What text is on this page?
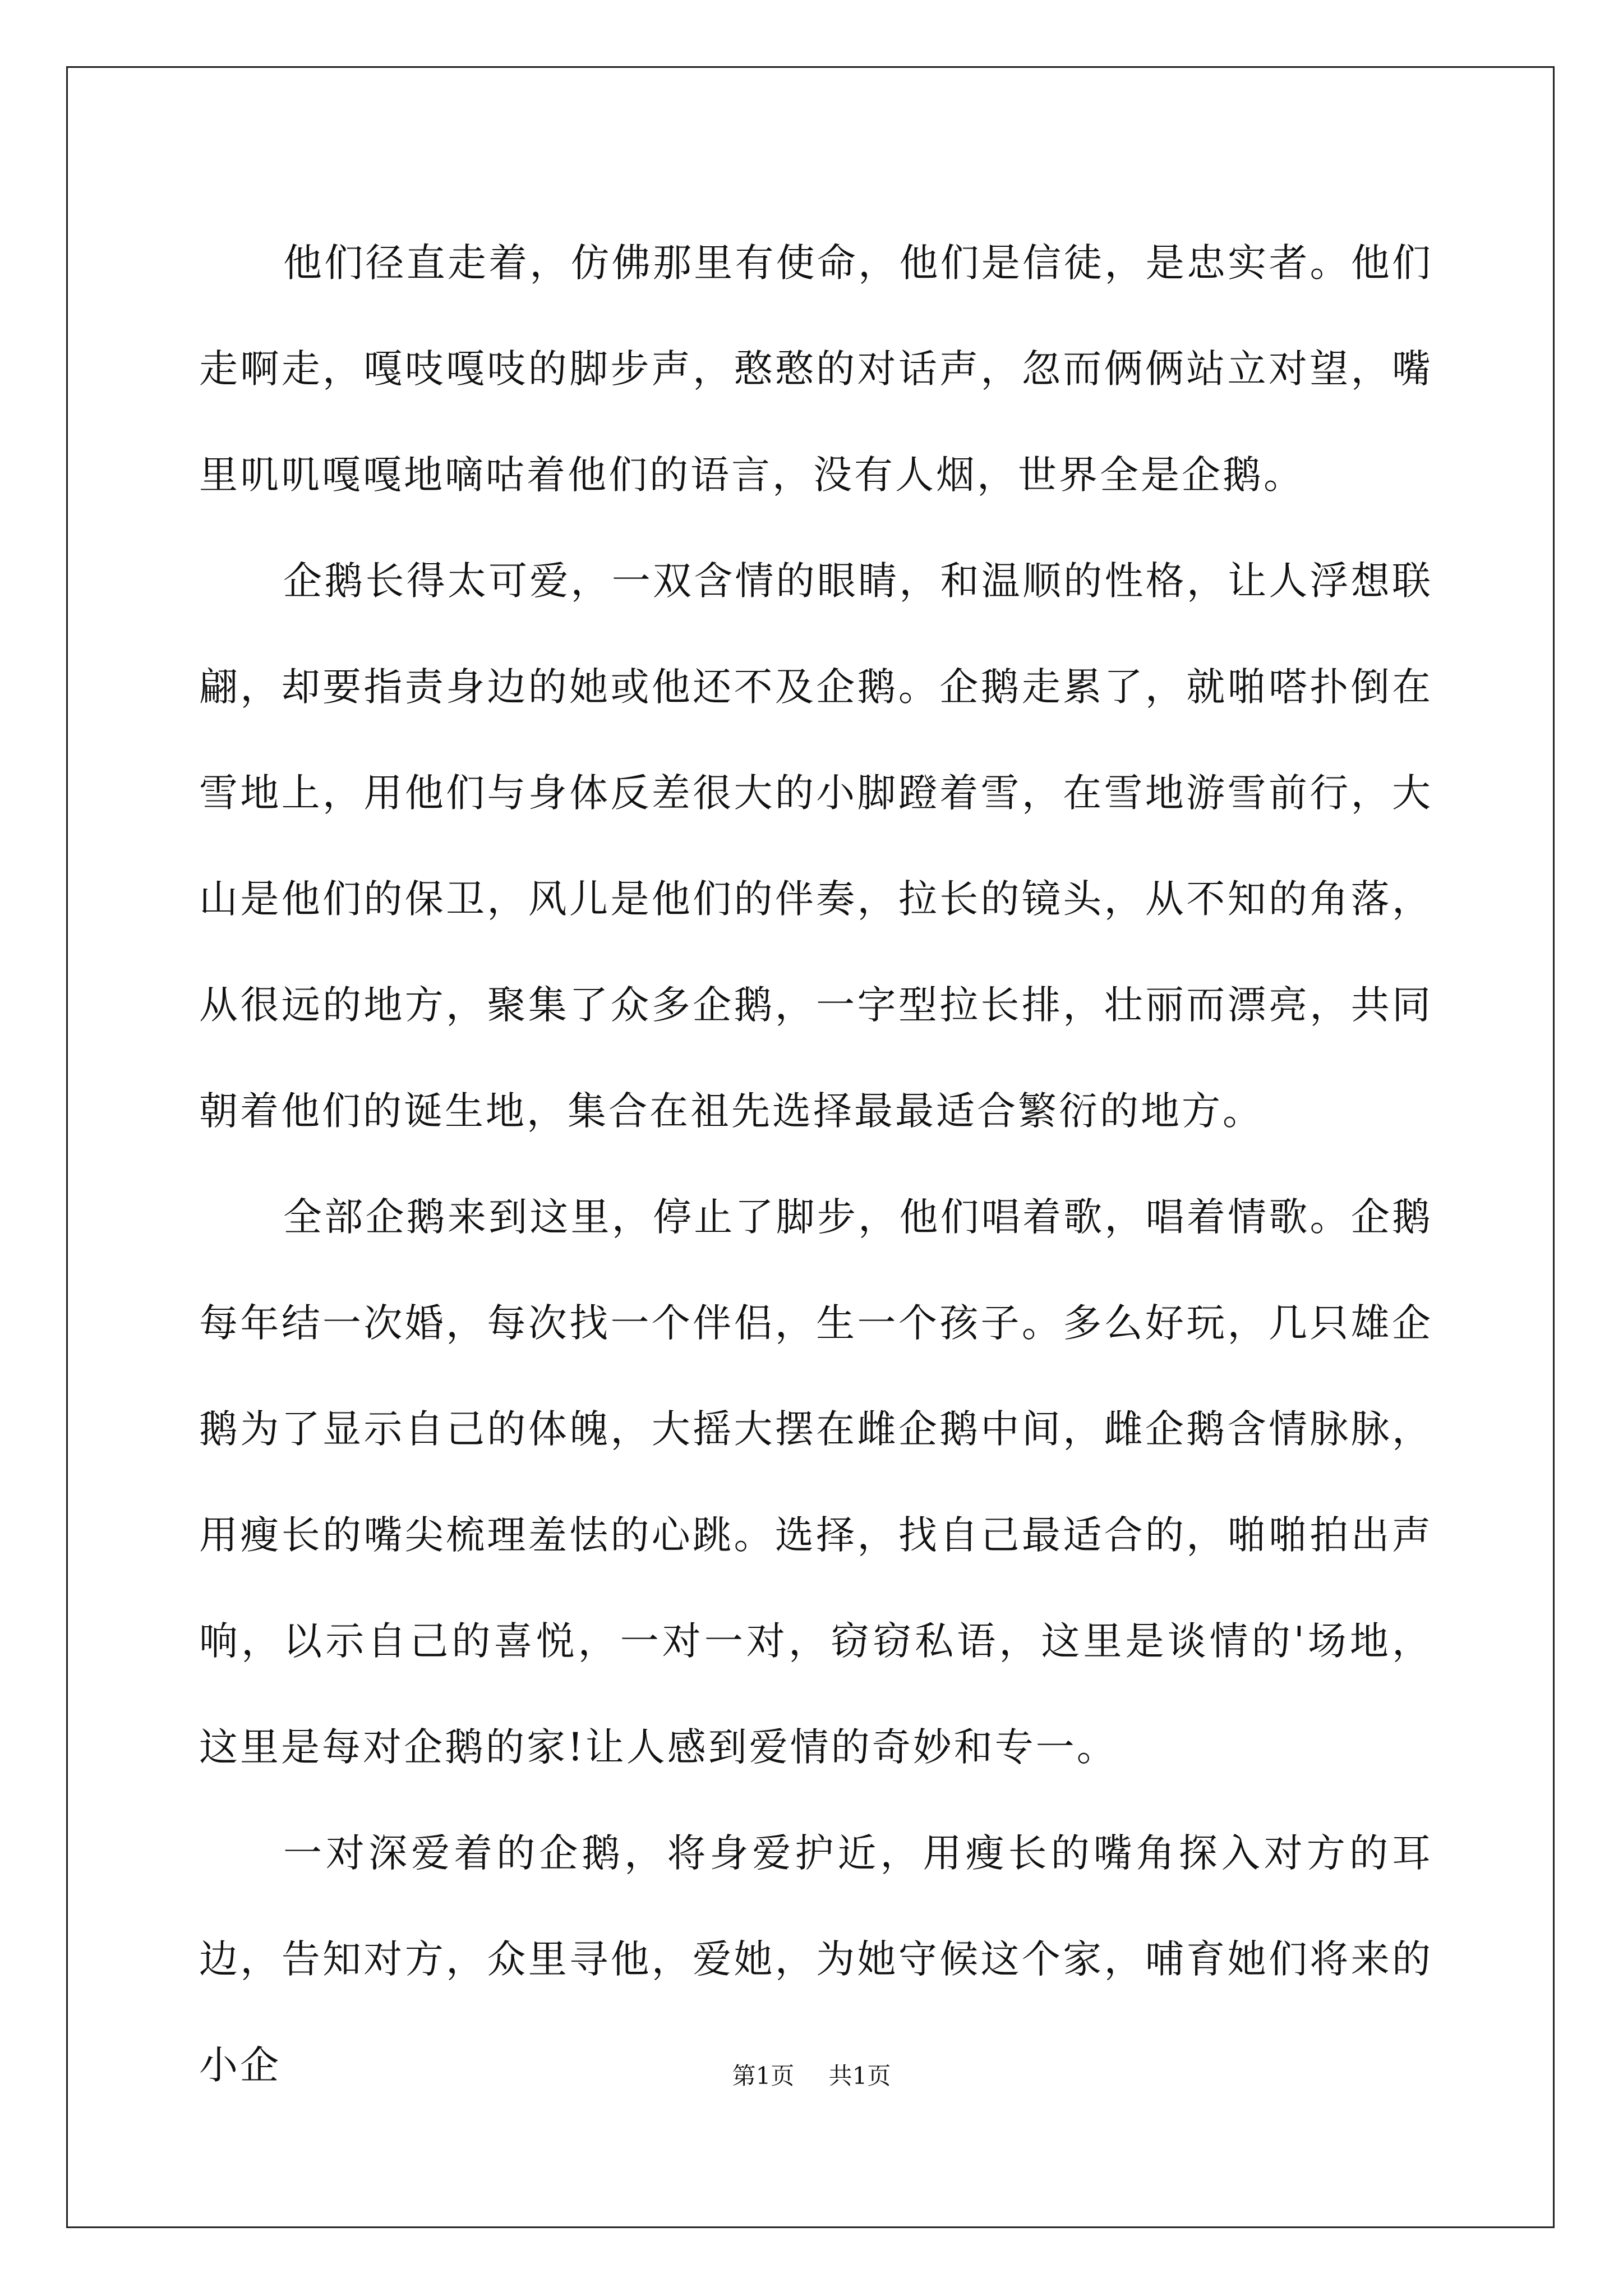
他们径直走着，仿佛那里有使命，他们是信徒，是忠实者。他们走啊走，嘎吱嘎吱的脚步声，憨憨的对话声，忽而俩俩站立对望，嘴里叽叽嘎嘎地嘀咕着他们的语言，没有人烟，世界全是企鹅。

企鹅长得太可爱，一双含情的眼睛，和温顺的性格，让人浮想联翩，却要指责身边的她或他还不及企鹅。企鹅走累了，就啪嗒扑倒在雪地上，用他们与身体反差很大的小脚蹬着雪，在雪地游雪前行，大山是他们的保卫，风儿是他们的伴奏，拉长的镜头，从不知的角落，从很远的地方，聚集了众多企鹅，一字型拉长排，壮丽而漂亮，共同朝着他们的诞生地，集合在祖先选择最最适合繁衍的地方。

全部企鹅来到这里，停止了脚步，他们唱着歌，唱着情歌。企鹅每年结一次婚，每次找一个伴侣，生一个孩子。多么好玩，几只雄企鹅为了显示自己的体魄，大摇大摆在雌企鹅中间，雌企鹅含情脉脉，用瘦长的嘴尖梳理羞怯的心跳。选择，找自己最适合的，啪啪拍出声响，以示自己的喜悦，一对一对，窃窃私语，这里是谈情的'场地，这里是每对企鹅的家!让人感到爱情的奇妙和专一。

一对深爱着的企鹅，将身爱护近，用瘦长的嘴角探入对方的耳边，告知对方，众里寻他，爱她，为她守候这个家，哺育她们将来的小企	第1页 共1页
